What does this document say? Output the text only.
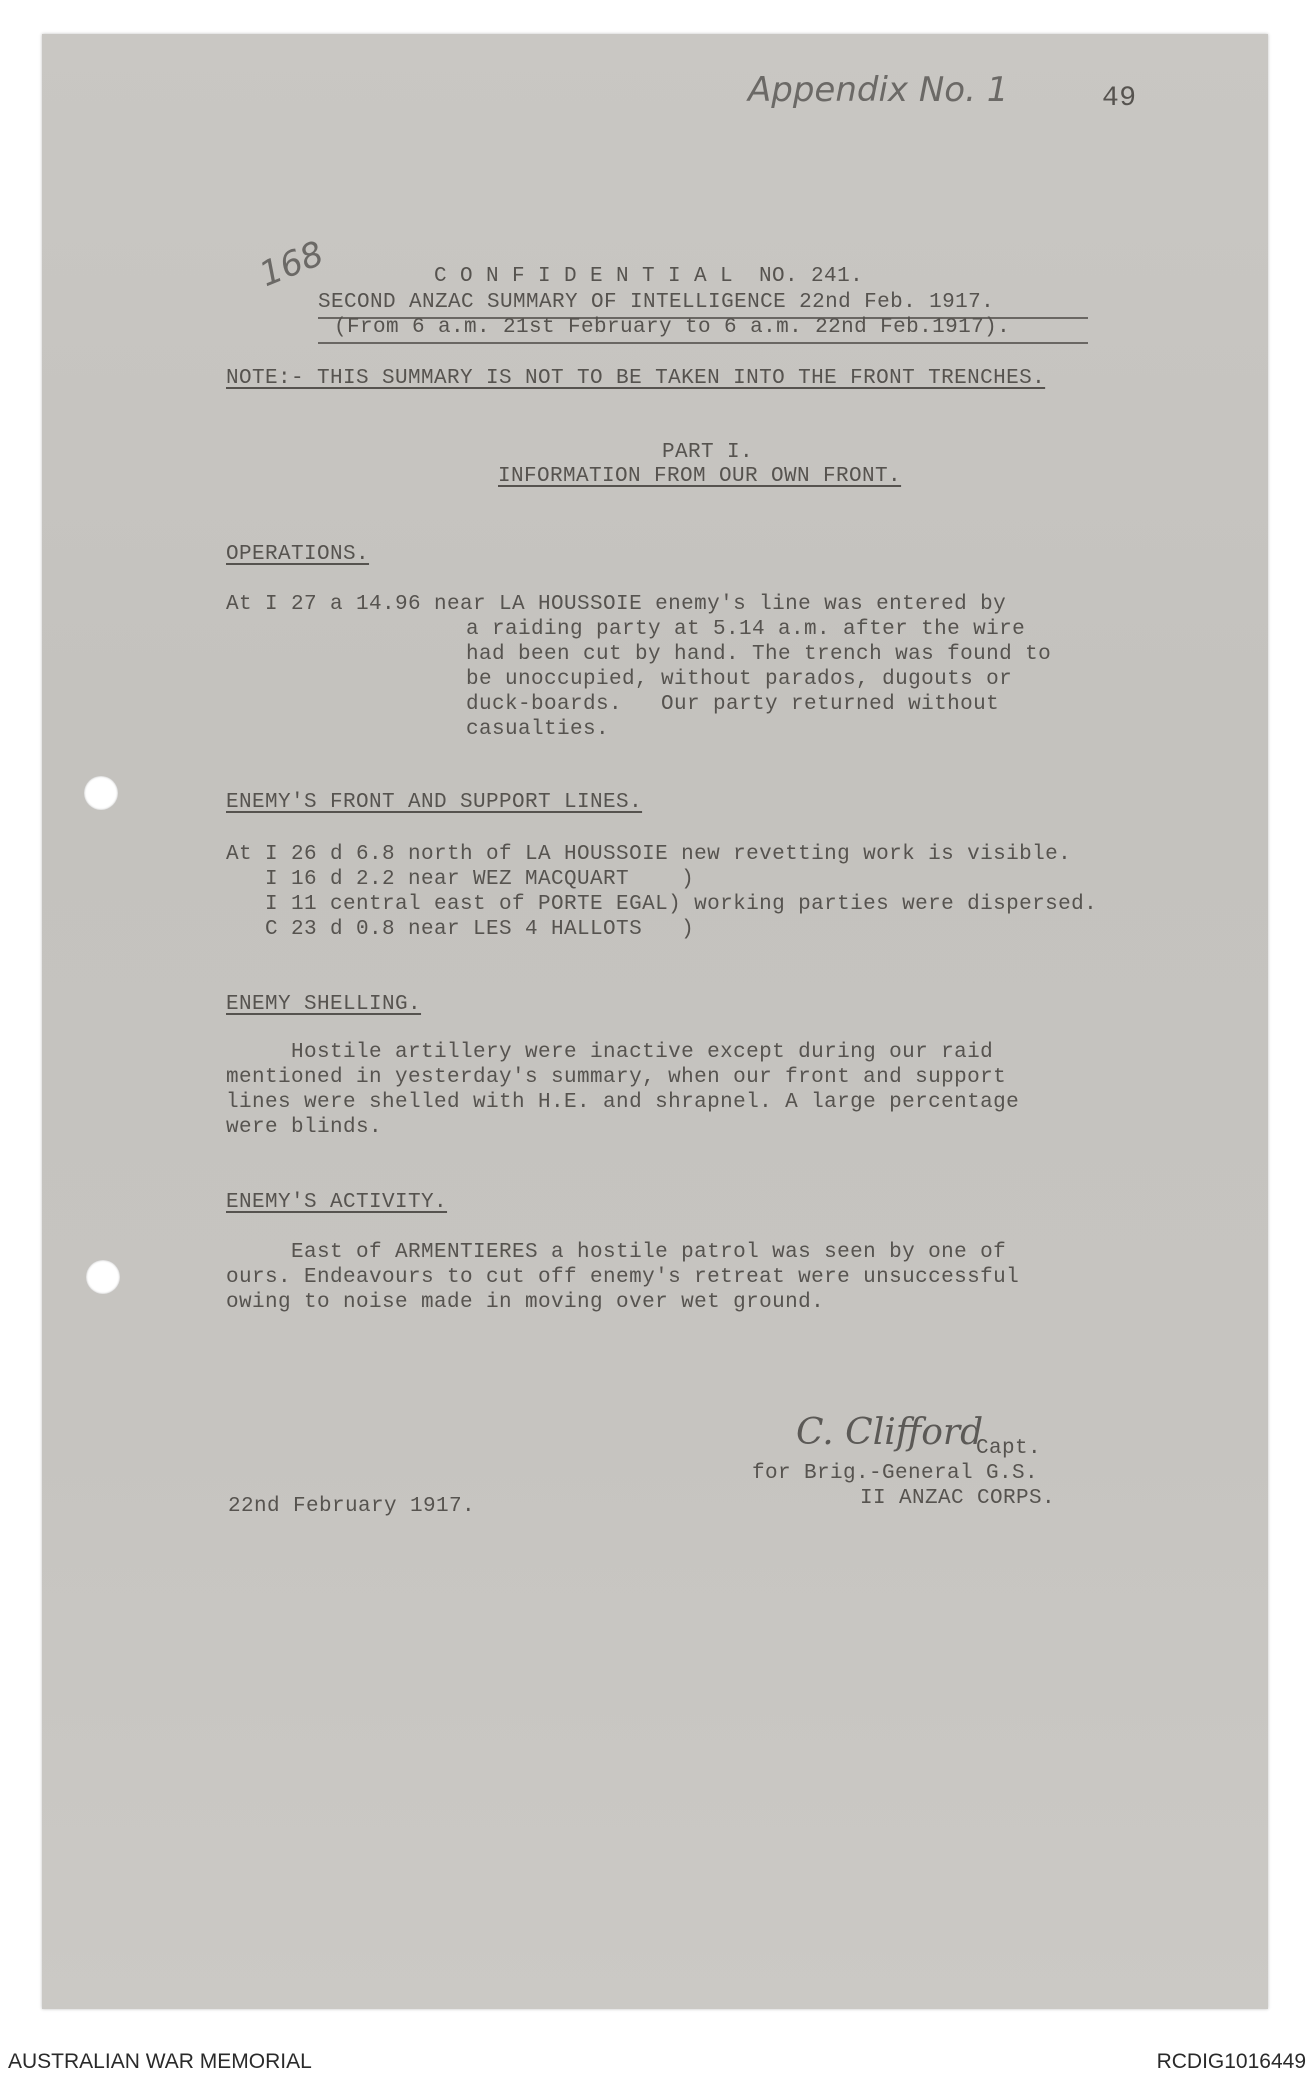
Appendix No. 1	49
168	C O N F I D E N T I A L  NO. 241.
SECOND ANZAC SUMMARY OF INTELLIGENCE 22nd Feb. 1917.
(From 6 a.m. 21st February to 6 a.m. 22nd Feb.1917).
NOTE:- THIS SUMMARY IS NOT TO BE TAKEN INTO THE FRONT TRENCHES.
PART I.
INFORMATION FROM OUR OWN FRONT.
OPERATIONS.
At I 27 a 14.96 near LA HOUSSOIE enemy's line was entered by
a raiding party at 5.14 a.m. after the wire
had been cut by hand. The trench was found to
be unoccupied, without parados, dugouts or
duck-boards.   Our party returned without
casualties.
ENEMY'S FRONT AND SUPPORT LINES.
At I 26 d 6.8 north of LA HOUSSOIE new revetting work is visible.
I 16 d 2.2 near WEZ MACQUART    )
I 11 central east of PORTE EGAL) working parties were dispersed.
C 23 d 0.8 near LES 4 HALLOTS   )
ENEMY SHELLING.
Hostile artillery were inactive except during our raid
mentioned in yesterday's summary, when our front and support
lines were shelled with H.E. and shrapnel. A large percentage
were blinds.
ENEMY'S ACTIVITY.
East of ARMENTIERES a hostile patrol was seen by one of
ours. Endeavours to cut off enemy's retreat were unsuccessful
owing to noise made in moving over wet ground.
C. Clifford
Capt.
for Brig.-General G.S.
II ANZAC CORPS.
22nd February 1917.
AUSTRALIAN WAR MEMORIAL	RCDIG1016449
